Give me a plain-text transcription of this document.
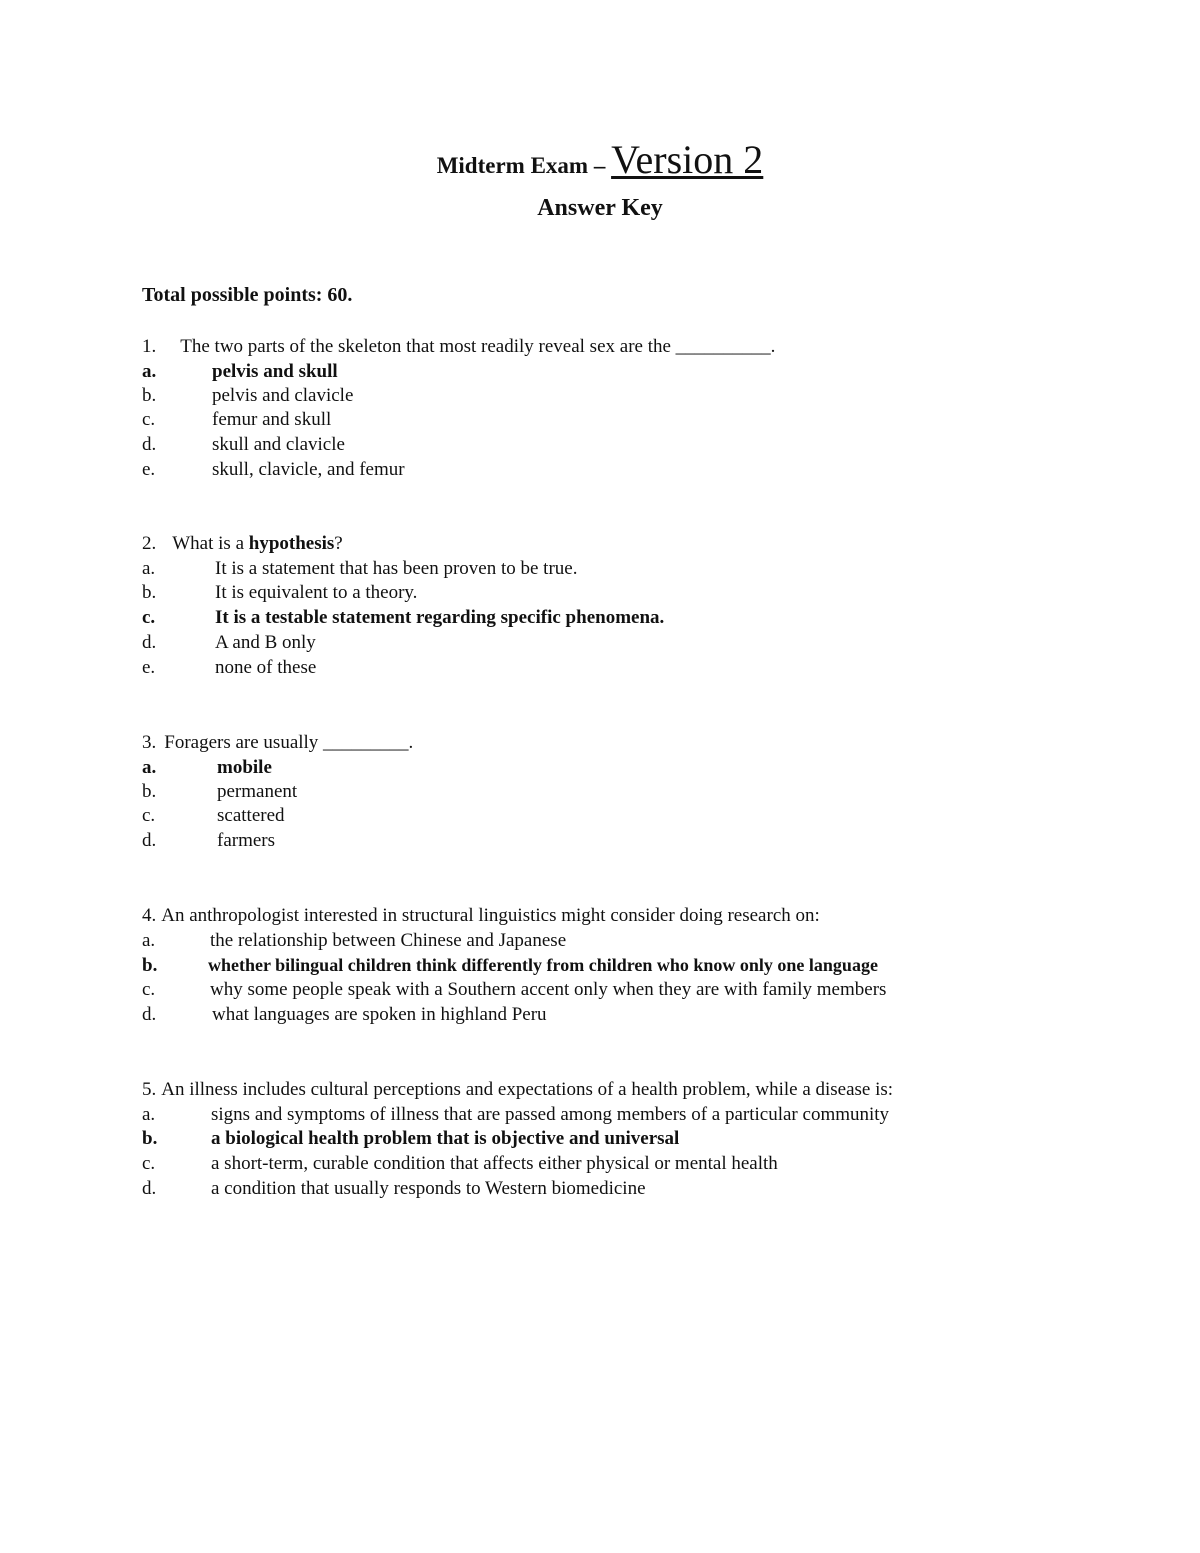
Midterm Exam – Version 2
Answer Key
Total possible points: 60.
1. The two parts of the skeleton that most readily reveal sex are the __________.
a.	pelvis and skull
b.	pelvis and clavicle
c.	femur and skull
d.	skull and clavicle
e.	skull, clavicle, and femur
2. What is a hypothesis?
a.	It is a statement that has been proven to be true.
b.	It is equivalent to a theory.
c.	It is a testable statement regarding specific phenomena.
d.	A and B only
e.	none of these
3. Foragers are usually _________.
a.	mobile
b.	permanent
c.	scattered
d.	farmers
4. An anthropologist interested in structural linguistics might consider doing research on:
a.	the relationship between Chinese and Japanese
b.	whether bilingual children think differently from children who know only one language
c.	why some people speak with a Southern accent only when they are with family members
d.	what languages are spoken in highland Peru
5. An illness includes cultural perceptions and expectations of a health problem, while a disease is:
a.	signs and symptoms of illness that are passed among members of a particular community
b.	a biological health problem that is objective and universal
c.	a short-term, curable condition that affects either physical or mental health
d.	a condition that usually responds to Western biomedicine
